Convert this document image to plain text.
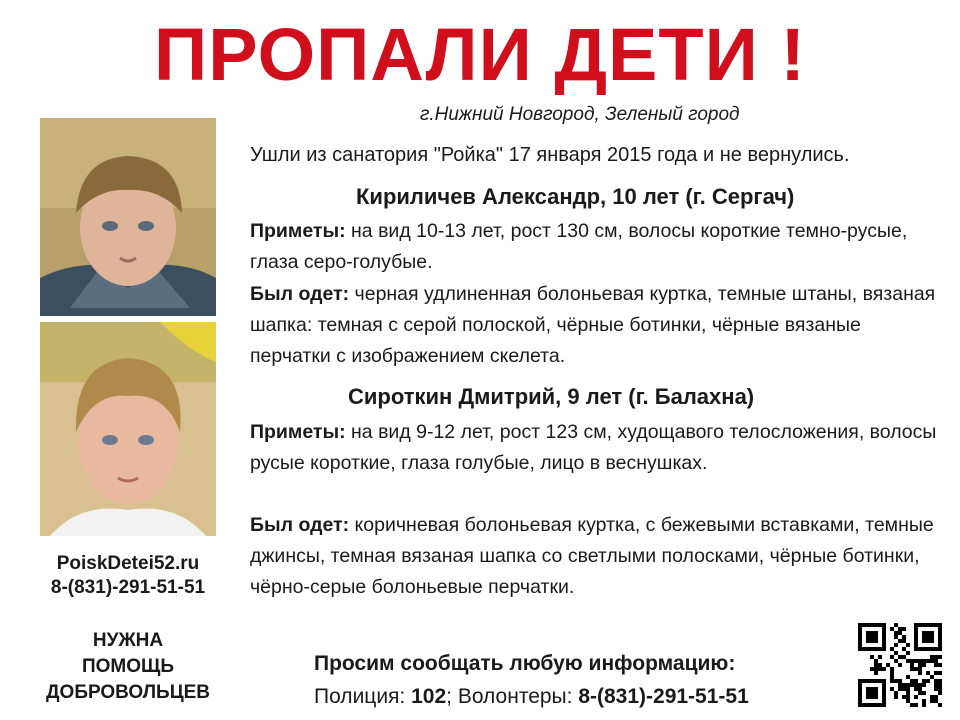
ПРОПАЛИ ДЕТИ !
г.Нижний Новгород, Зеленый город
Ушли из санатория "Ройка" 17 января 2015 года и не вернулись.
PoiskDetei52.ru
8-(831)-291-51-51
НУЖНА
ПОМОЩЬ
ДОБРОВОЛЬЦЕВ
Кириличев Александр, 10 лет (г. Сергач)
Приметы: на вид 10-13 лет, рост 130 см, волосы короткие темно-русые, глаза серо-голубые.
Был одет: черная удлиненная болоньевая куртка, темные штаны, вязаная шапка: темная с серой полоской, чёрные ботинки, чёрные вязаные перчатки с изображением скелета.
Сироткин Дмитрий, 9 лет (г. Балахна)
Приметы: на вид 9-12 лет, рост 123 см, худощавого телосложения, волосы русые короткие, глаза голубые, лицо в веснушках.
Был одет: коричневая болоньевая куртка, с бежевыми вставками, темные джинсы, темная вязаная шапка со светлыми полосками, чёрные ботинки, чёрно-серые болоньевые перчатки.
Просим сообщать любую информацию:
Полиция: 102; Волонтеры: 8-(831)-291-51-51
